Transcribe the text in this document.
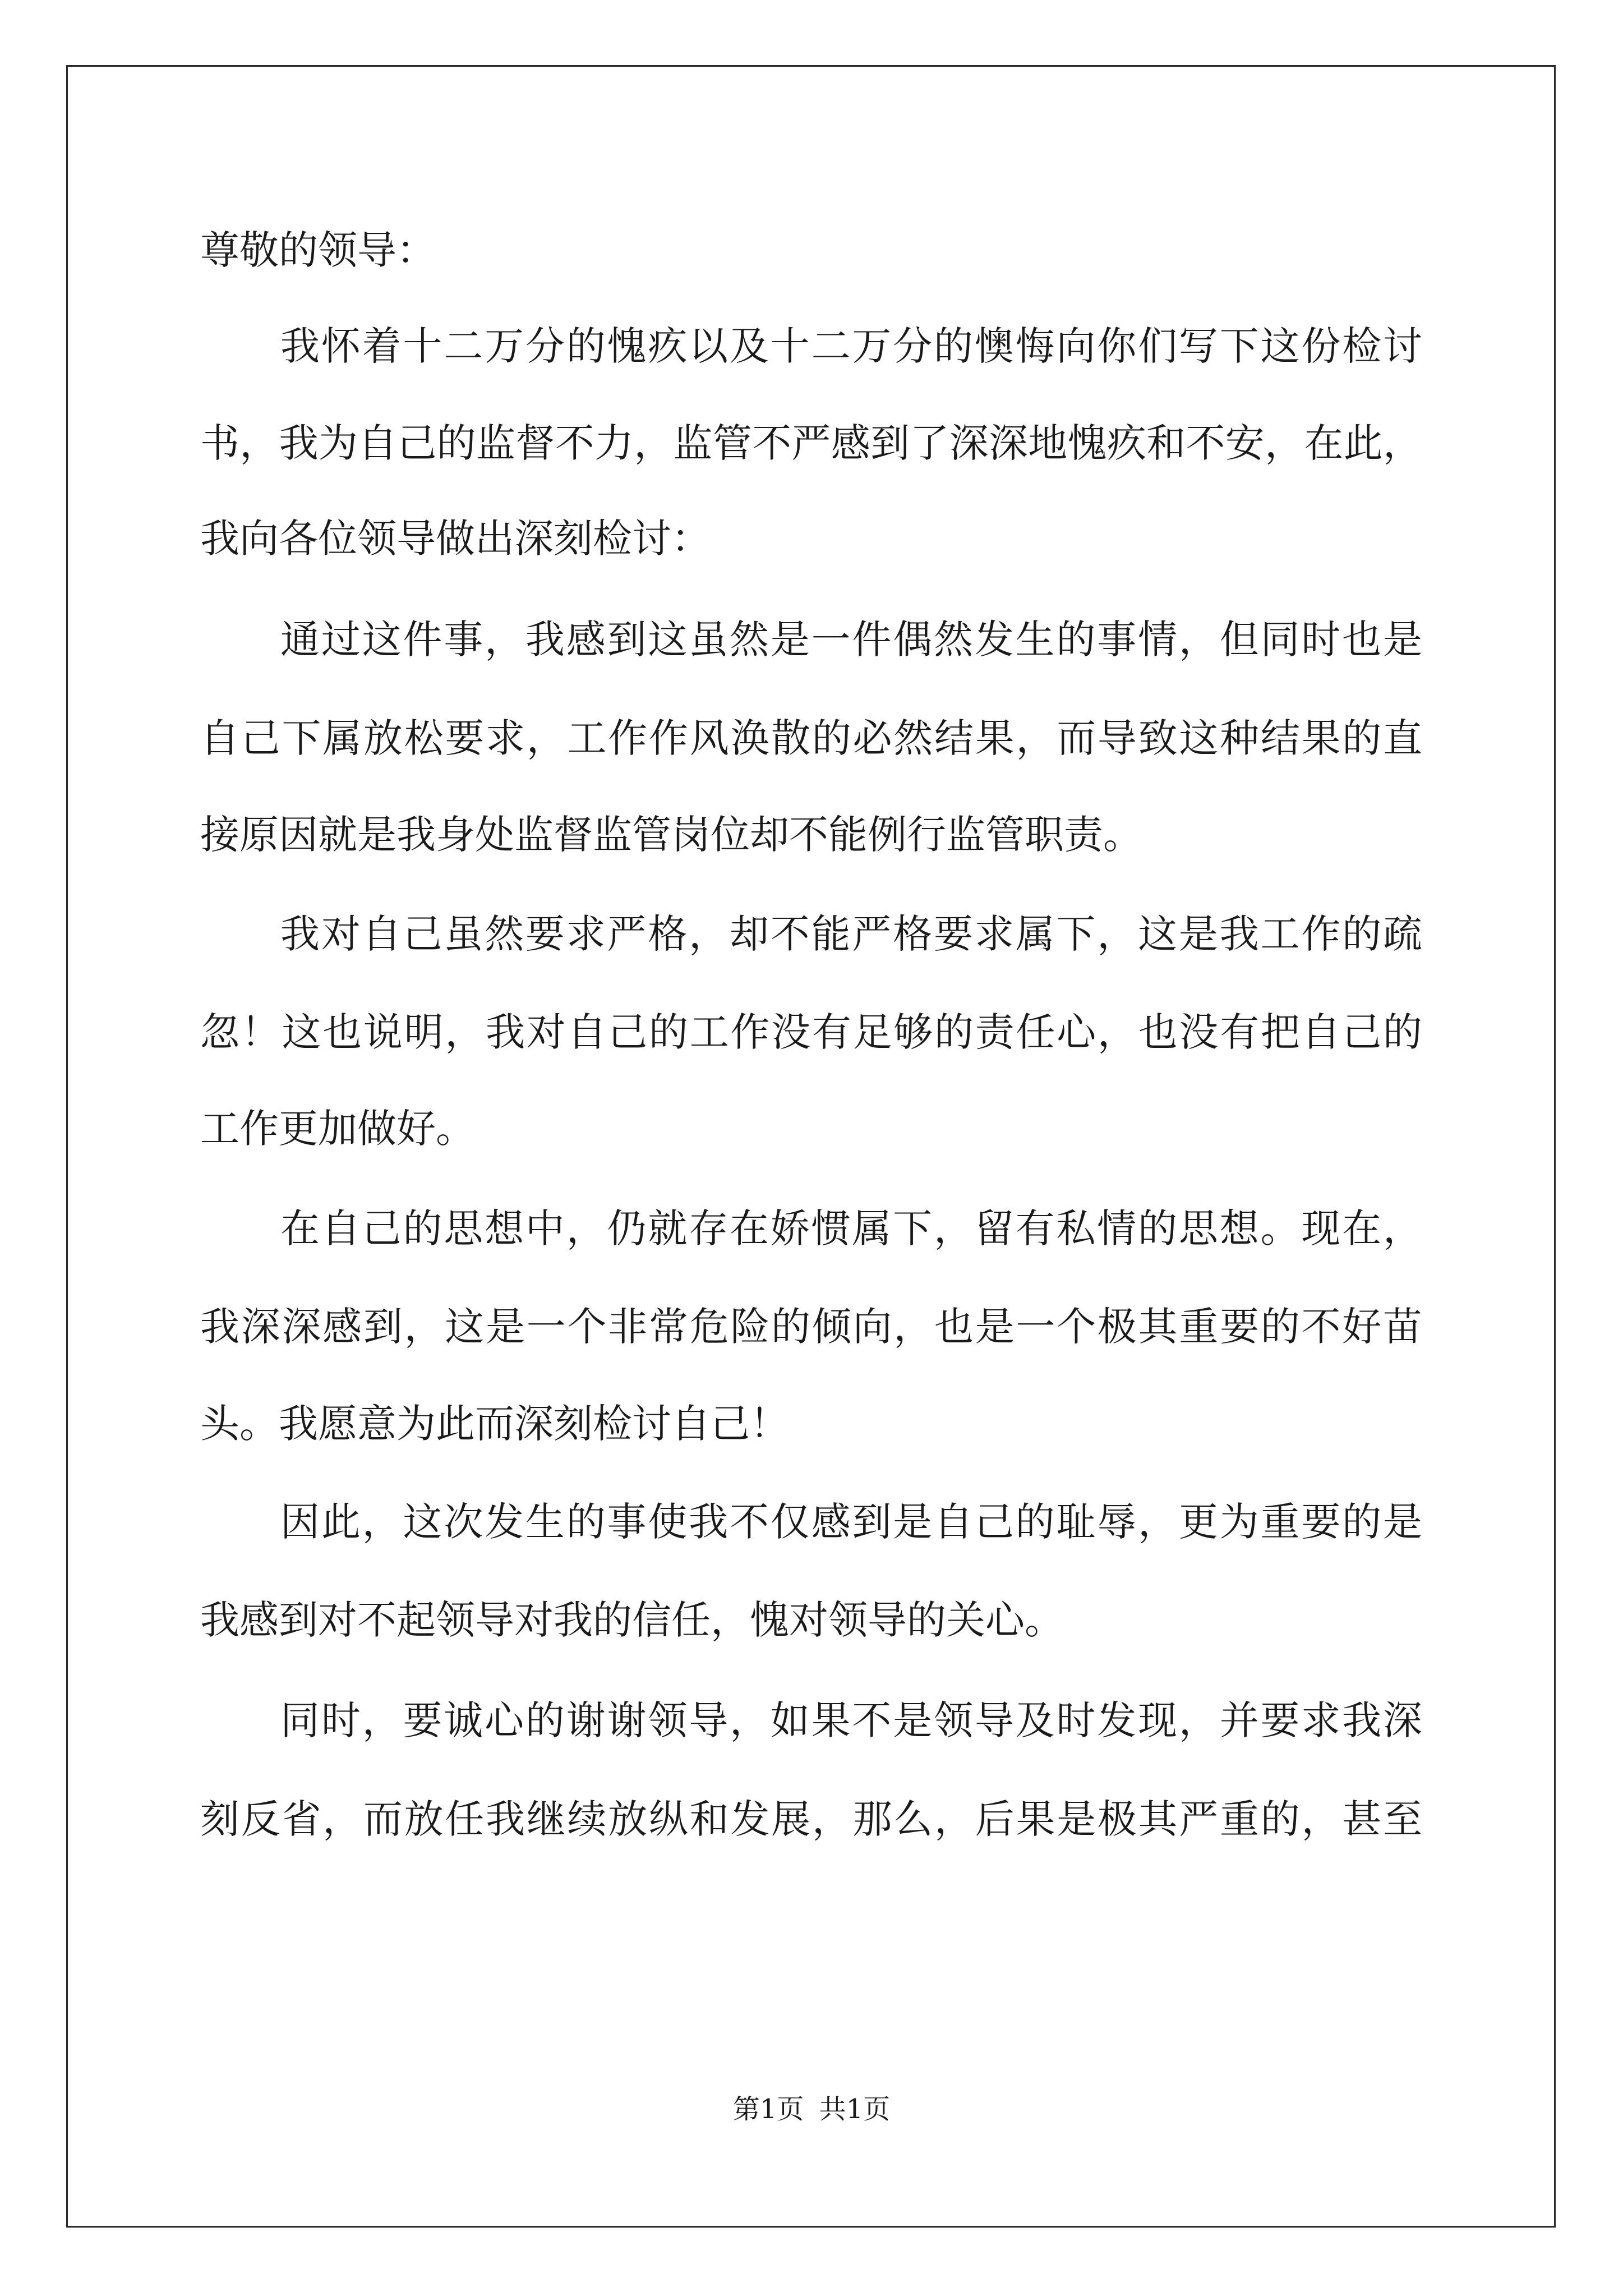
尊敬的领导：
我怀着十二万分的愧疚以及十二万分的懊悔向你们写下这份检讨
书，我为自己的监督不力，监管不严感到了深深地愧疚和不安，在此，
我向各位领导做出深刻检讨：
通过这件事，我感到这虽然是一件偶然发生的事情，但同时也是
自己下属放松要求，工作作风涣散的必然结果，而导致这种结果的直
接原因就是我身处监督监管岗位却不能例行监管职责。
我对自己虽然要求严格，却不能严格要求属下，这是我工作的疏
忽！这也说明，我对自己的工作没有足够的责任心，也没有把自己的
工作更加做好。
在自己的思想中，仍就存在娇惯属下，留有私情的思想。现在，
我深深感到，这是一个非常危险的倾向，也是一个极其重要的不好苗
头。我愿意为此而深刻检讨自己！
因此，这次发生的事使我不仅感到是自己的耻辱，更为重要的是
我感到对不起领导对我的信任，愧对领导的关心。
同时，要诚心的谢谢领导，如果不是领导及时发现，并要求我深
刻反省，而放任我继续放纵和发展，那么，后果是极其严重的，甚至
第1页 共1页
